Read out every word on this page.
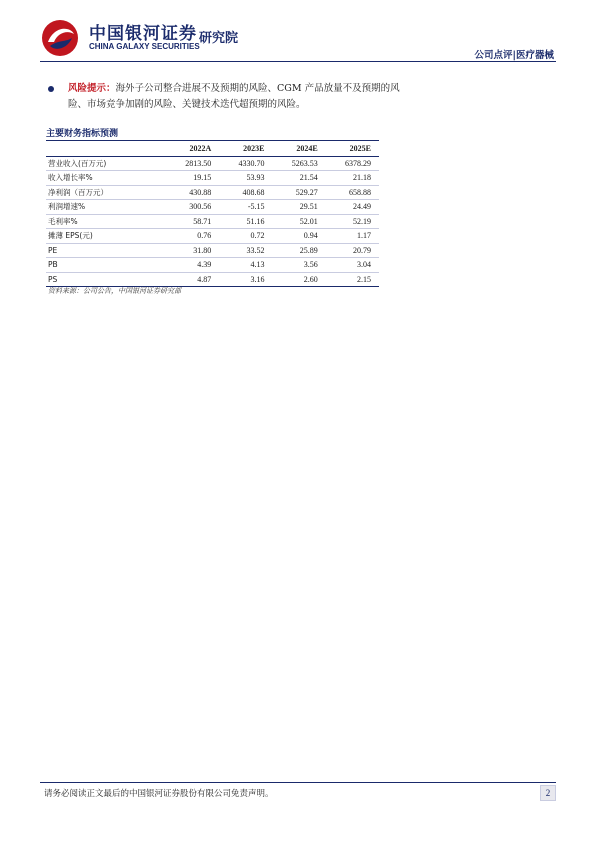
中国银河证券
CHINA GALAXY SECURITIES
研究院
公司点评|医疗器械
风险提示：海外子公司整合进展不及预期的风险、CGM 产品放量不及预期的风险、市场竞争加剧的风险、关键技术迭代超预期的风险。
主要财务指标预测
	2022A	2023E	2024E	2025E
营业收入(百万元)	2813.50	4330.70	5263.53	6378.29
收入增长率%	19.15	53.93	21.54	21.18
净利润（百万元）	430.88	408.68	529.27	658.88
利润增速%	300.56	-5.15	29.51	24.49
毛利率%	58.71	51.16	52.01	52.19
摊薄 EPS(元)	0.76	0.72	0.94	1.17
PE	31.80	33.52	25.89	20.79
PB	4.39	4.13	3.56	3.04
PS	4.87	3.16	2.60	2.15
资料来源：公司公告，中国银河证券研究部
请务必阅读正文最后的中国银河证券股份有限公司免责声明。	2
